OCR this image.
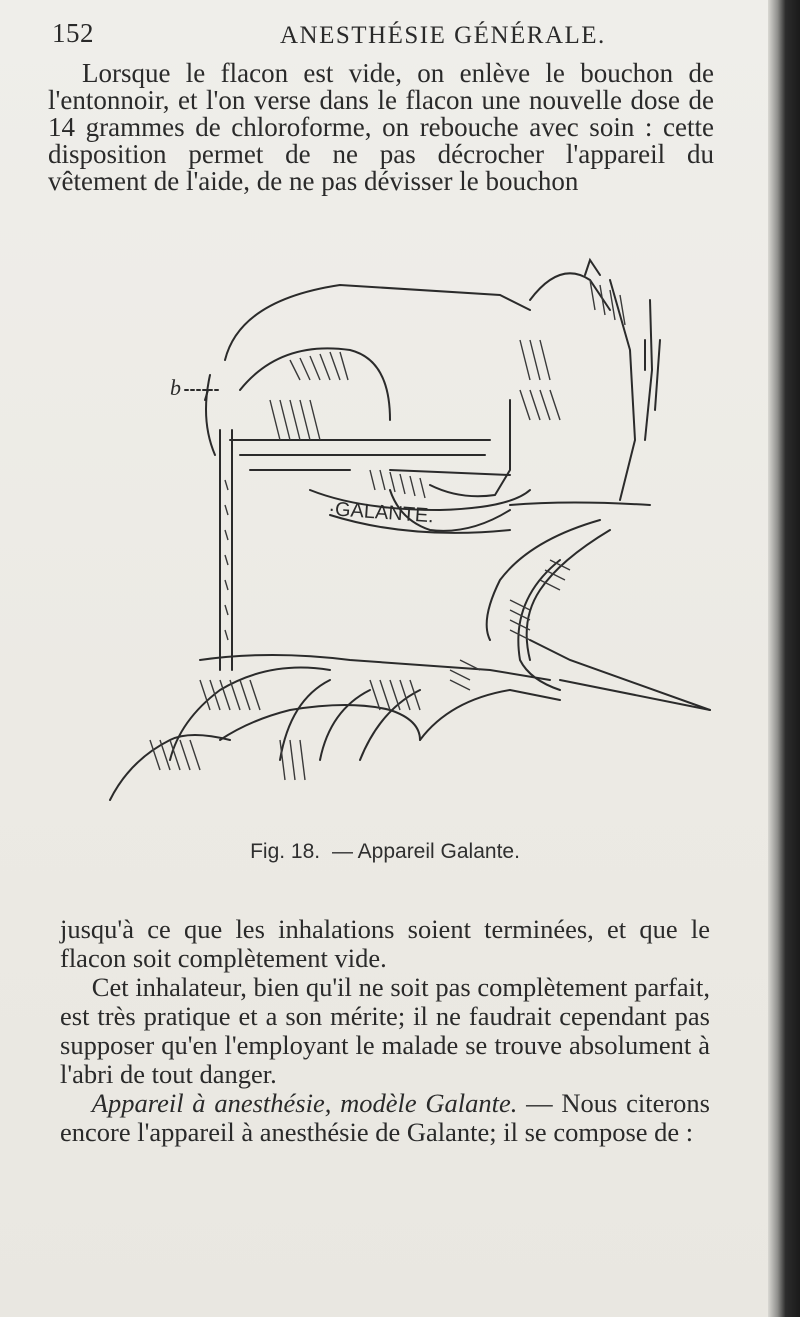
152	ANESTHÉSIE GÉNÉRALE.

Lorsque le flacon est vide, on enlève le bouchon de l'entonnoir, et l'on verse dans le flacon une nouvelle dose de 14 grammes de chloroforme, on rebouche avec soin : cette disposition permet de ne pas décrocher l'appareil du vêtement de l'aide, de ne pas dévisser le bouchon

b
·GALANTE.
Fig. 18. — Appareil Galante.

jusqu'à ce que les inhalations soient terminées, et que le flacon soit complètement vide.

Cet inhalateur, bien qu'il ne soit pas complètement parfait, est très pratique et a son mérite; il ne faudrait cependant pas supposer qu'en l'employant le malade se trouve absolument à l'abri de tout danger.

Appareil à anesthésie, modèle Galante. — Nous citerons encore l'appareil à anesthésie de Galante; il se compose de :
